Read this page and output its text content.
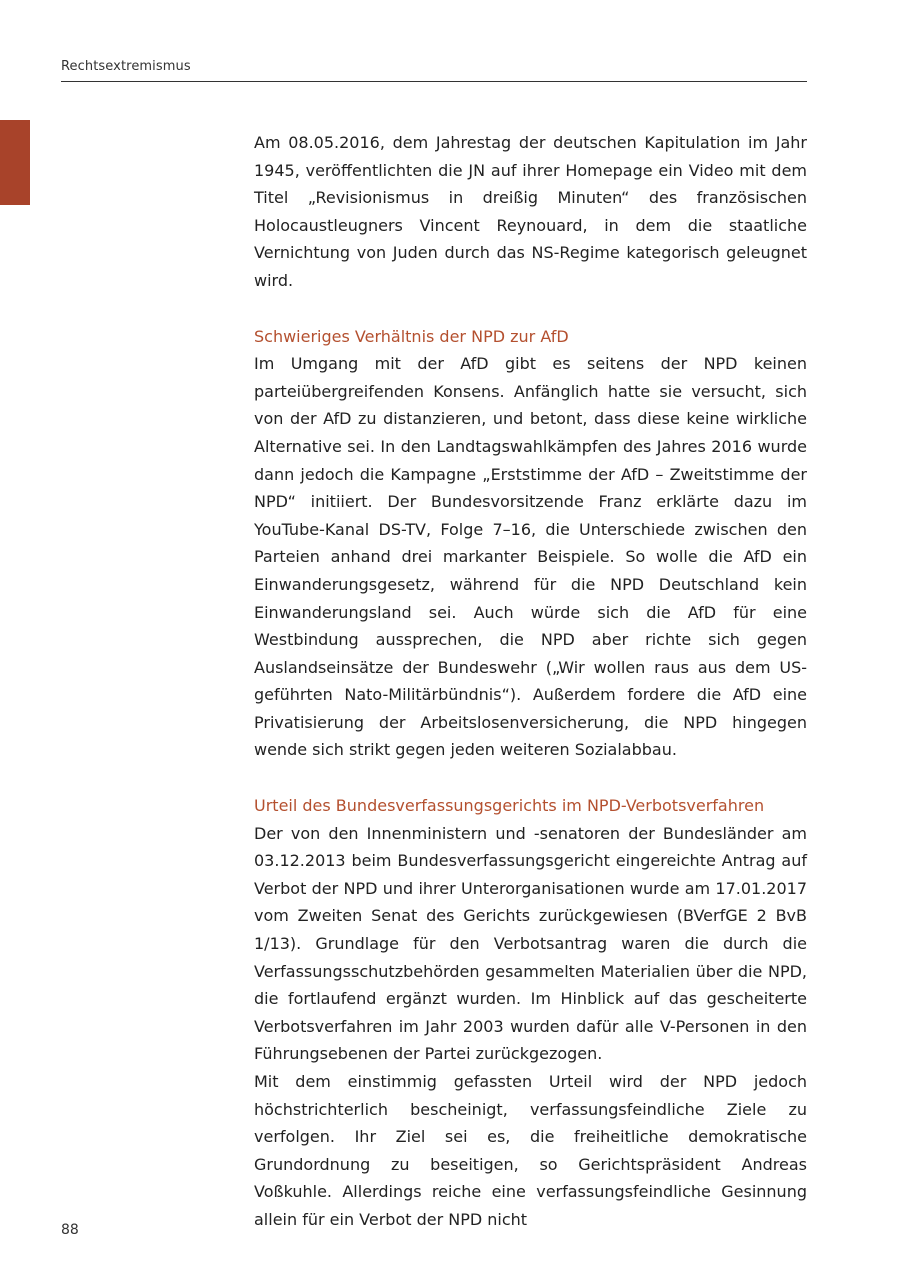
Rechtsextremismus

Am 08.05.2016, dem Jahrestag der deutschen Kapitulation im Jahr 1945, veröffentlichten die JN auf ihrer Homepage ein Video mit dem Titel „Revisionismus in dreißig Minuten“ des französischen Holocaustleugners Vincent Reynouard, in dem die staatliche Vernichtung von Juden durch das NS-Regime kategorisch geleugnet wird.

Schwieriges Verhältnis der NPD zur AfD

Im Umgang mit der AfD gibt es seitens der NPD keinen parteiübergreifenden Konsens. Anfänglich hatte sie versucht, sich von der AfD zu distanzieren, und betont, dass diese keine wirkliche Alternative sei. In den Landtagswahlkämpfen des Jahres 2016 wurde dann jedoch die Kampagne „Erststimme der AfD – Zweitstimme der NPD“ initiiert. Der Bundesvorsitzende Franz erklärte dazu im YouTube-Kanal DS-TV, Folge 7–16, die Unterschiede zwischen den Parteien anhand drei markanter Beispiele. So wolle die AfD ein Einwanderungsgesetz, während für die NPD Deutschland kein Einwanderungsland sei. Auch würde sich die AfD für eine Westbindung aussprechen, die NPD aber richte sich gegen Auslandseinsätze der Bundeswehr („Wir wollen raus aus dem US-geführten Nato-Militärbündnis“). Außerdem fordere die AfD eine Privatisierung der Arbeitslosenversicherung, die NPD hingegen wende sich strikt gegen jeden weiteren Sozialabbau.

Urteil des Bundesverfassungsgerichts im NPD-Verbotsverfahren

Der von den Innenministern und -senatoren der Bundesländer am 03.12.2013 beim Bundesverfassungsgericht eingereichte Antrag auf Verbot der NPD und ihrer Unterorganisationen wurde am 17.01.2017 vom Zweiten Senat des Gerichts zurückgewiesen (BVerfGE 2 BvB 1/13). Grundlage für den Verbotsantrag waren die durch die Verfassungsschutzbehörden gesammelten Materialien über die NPD, die fortlaufend ergänzt wurden. Im Hinblick auf das gescheiterte Verbotsverfahren im Jahr 2003 wurden dafür alle V-Personen in den Führungsebenen der Partei zurückgezogen.

Mit dem einstimmig gefassten Urteil wird der NPD jedoch höchstrichterlich bescheinigt, verfassungsfeindliche Ziele zu verfolgen. Ihr Ziel sei es, die freiheitliche demokratische Grundordnung zu beseitigen, so Gerichtspräsident Andreas Voßkuhle. Allerdings reiche eine verfassungsfeindliche Gesinnung allein für ein Verbot der NPD nicht

88
